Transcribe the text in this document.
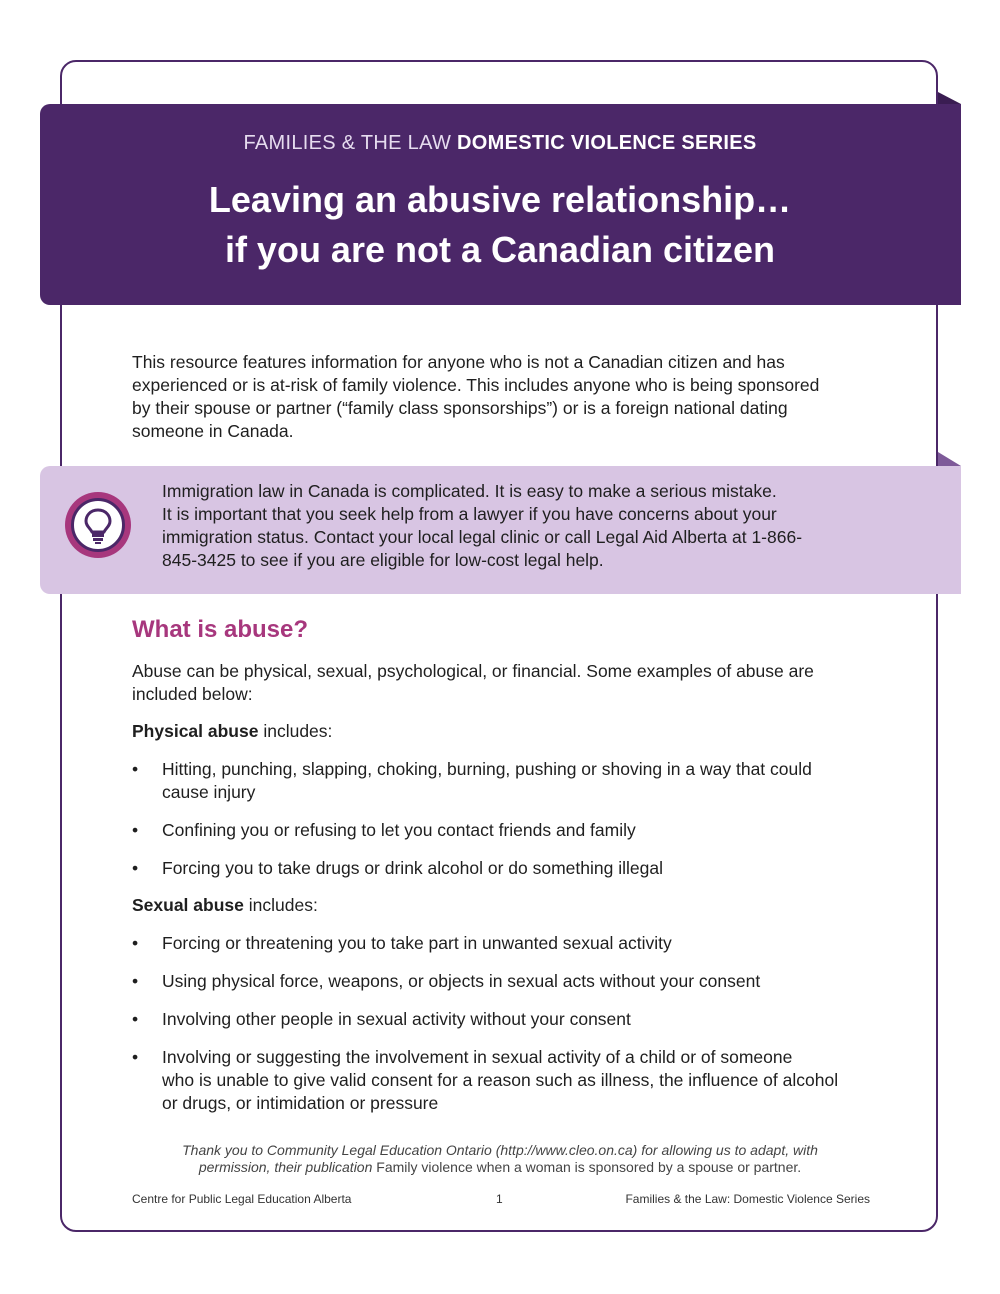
FAMILIES & THE LAW DOMESTIC VIOLENCE SERIES
Leaving an abusive relationship…
if you are not a Canadian citizen
This resource features information for anyone who is not a Canadian citizen and has
experienced or is at-risk of family violence. This includes anyone who is being sponsored
by their spouse or partner (“family class sponsorships”) or is a foreign national dating
someone in Canada.
Immigration law in Canada is complicated. It is easy to make a serious mistake.
It is important that you seek help from a lawyer if you have concerns about your
immigration status. Contact your local legal clinic or call Legal Aid Alberta at 1-866-
845-3425 to see if you are eligible for low-cost legal help.
What is abuse?
Abuse can be physical, sexual, psychological, or financial. Some examples of abuse are
included below:

Physical abuse includes:

• Hitting, punching, slapping, choking, burning, pushing or shoving in a way that could
cause injury
• Confining you or refusing to let you contact friends and family
• Forcing you to take drugs or drink alcohol or do something illegal

Sexual abuse includes:

• Forcing or threatening you to take part in unwanted sexual activity
• Using physical force, weapons, or objects in sexual acts without your consent
• Involving other people in sexual activity without your consent
• Involving or suggesting the involvement in sexual activity of a child or of someone
who is unable to give valid consent for a reason such as illness, the influence of alcohol
or drugs, or intimidation or pressure
Thank you to Community Legal Education Ontario (http://www.cleo.on.ca) for allowing us to adapt, with
permission, their publication Family violence when a woman is sponsored by a spouse or partner.

Centre for Public Legal Education Alberta	1	Families & the Law: Domestic Violence Series
